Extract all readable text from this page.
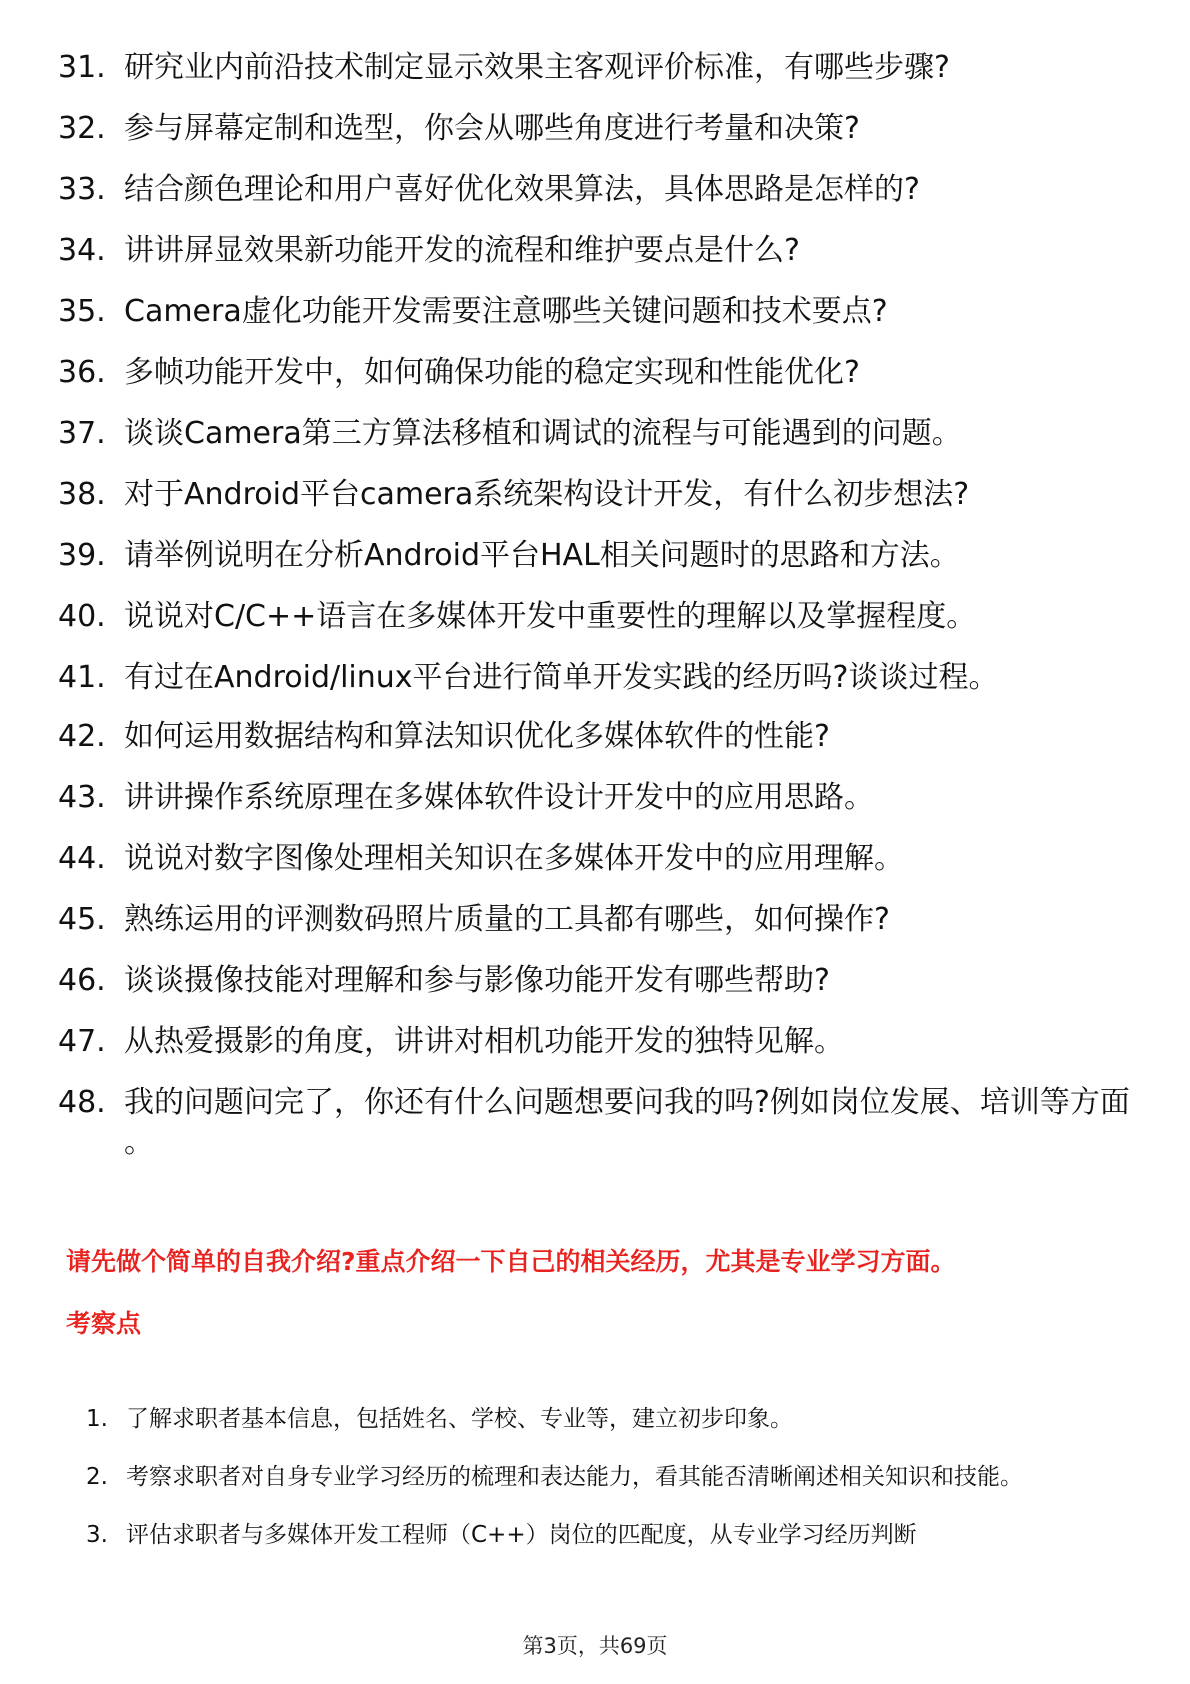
31. 研究业内前沿技术制定显示效果主客观评价标准，有哪些步骤?
32. 参与屏幕定制和选型，你会从哪些角度进行考量和决策?
33. 结合颜色理论和用户喜好优化效果算法，具体思路是怎样的?
34. 讲讲屏显效果新功能开发的流程和维护要点是什么?
35. Camera虚化功能开发需要注意哪些关键问题和技术要点?
36. 多帧功能开发中，如何确保功能的稳定实现和性能优化?
37. 谈谈Camera第三方算法移植和调试的流程与可能遇到的问题。
38. 对于Android平台camera系统架构设计开发，有什么初步想法?
39. 请举例说明在分析Android平台HAL相关问题时的思路和方法。
40. 说说对C/C++语言在多媒体开发中重要性的理解以及掌握程度。
41. 有过在Android/linux平台进行简单开发实践的经历吗?谈谈过程。
42. 如何运用数据结构和算法知识优化多媒体软件的性能?
43. 讲讲操作系统原理在多媒体软件设计开发中的应用思路。
44. 说说对数字图像处理相关知识在多媒体开发中的应用理解。
45. 熟练运用的评测数码照片质量的工具都有哪些，如何操作?
46. 谈谈摄像技能对理解和参与影像功能开发有哪些帮助?
47. 从热爱摄影的角度，讲讲对相机功能开发的独特见解。
48. 我的问题问完了，你还有什么问题想要问我的吗?例如岗位发展、培训等方面 。
请先做个简单的自我介绍?重点介绍一下自己的相关经历，尤其是专业学习方面。
考察点
1. 了解求职者基本信息，包括姓名、学校、专业等，建立初步印象。
2. 考察求职者对自身专业学习经历的梳理和表达能力，看其能否清晰阐述相关知识和技能。
3. 评估求职者与多媒体开发工程师（C++）岗位的匹配度，从专业学习经历判断
第3页，共69页
